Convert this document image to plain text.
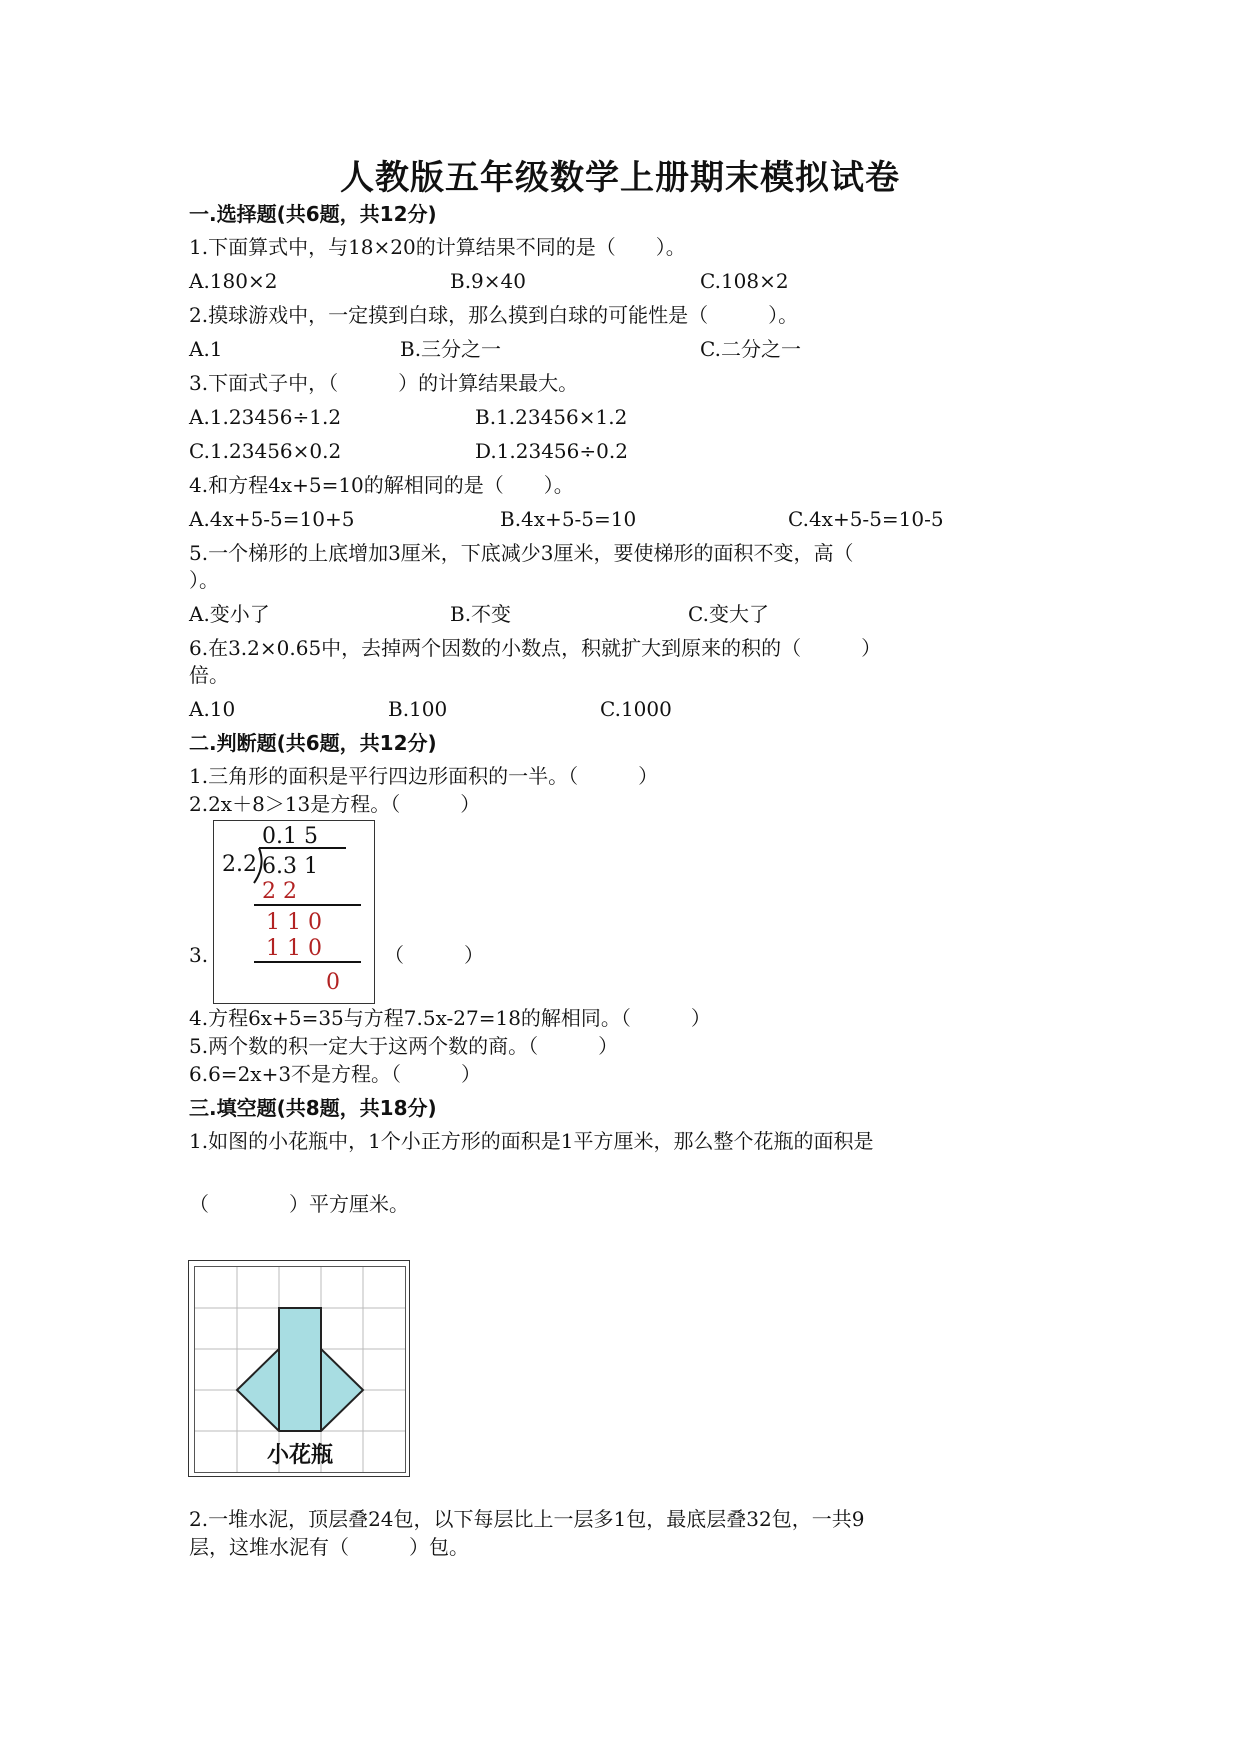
人教版五年级数学上册期末模拟试卷
一.选择题(共6题，共12分)
1.下面算式中，与18×20的计算结果不同的是（　　）。
A.180×2	B.9×40	C.108×2
2.摸球游戏中，一定摸到白球，那么摸到白球的可能性是（　　　）。
A.1	B.三分之一	C.二分之一
3.下面式子中，（　　　）的计算结果最大。
A.1.23456÷1.2	B.1.23456×1.2
C.1.23456×0.2	D.1.23456÷0.2
4.和方程4x+5=10的解相同的是（　　）。
A.4x+5-5=10+5	B.4x+5-5=10	C.4x+5-5=10-5
5.一个梯形的上底增加3厘米，下底减少3厘米，要使梯形的面积不变，高（
）。
A.变小了	B.不变	C.变大了
6.在3.2×0.65中，去掉两个因数的小数点，积就扩大到原来的积的（　　　）
倍。
A.10	B.100	C.1000
二.判断题(共6题，共12分)
1.三角形的面积是平行四边形面积的一半。（　　　）
2.2x＋8＞13是方程。（　　　）
3.
0.1 5
2.2 6.3 1
2 2
1 1 0
1 1 0
0
（　　　）
4.方程6x+5=35与方程7.5x-27=18的解相同。（　　　）
5.两个数的积一定大于这两个数的商。（　　　）
6.6=2x+3不是方程。（　　　）
三.填空题(共8题，共18分)
1.如图的小花瓶中，1个小正方形的面积是1平方厘米，那么整个花瓶的面积是
（　　　　）平方厘米。
小花瓶
2.一堆水泥，顶层叠24包，以下每层比上一层多1包，最底层叠32包，一共9
层，这堆水泥有（　　　）包。
